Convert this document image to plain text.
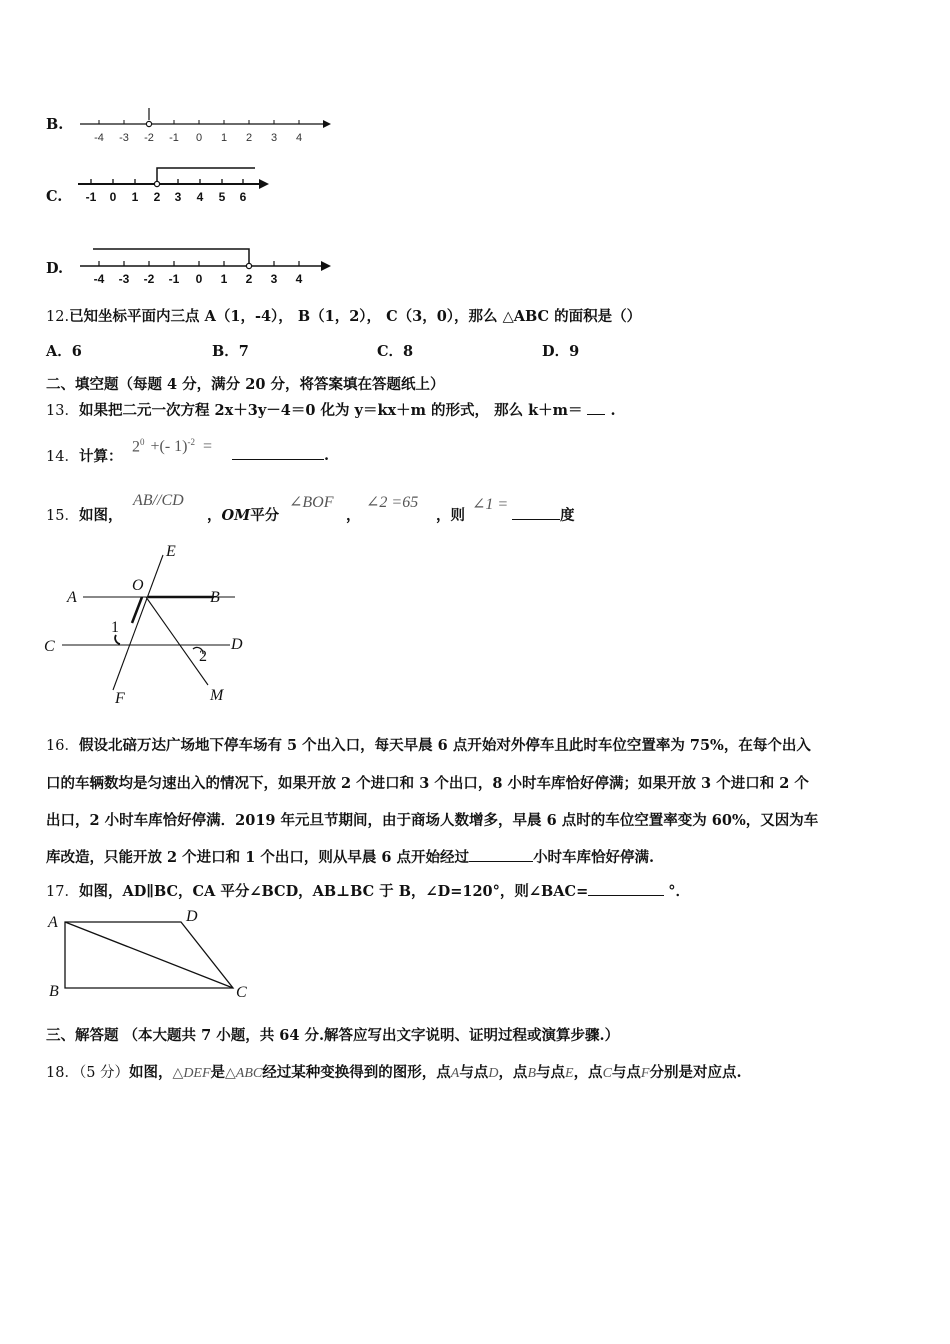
B.
-4 -3 -2 -1 0 1 2 3 4
C. -1 0 1 2 3 4 5 6
D.
-4 -3 -2 -1 0 1 2 3 4
12.已知坐标平面内三点 A（1，-4）， B（1，2）， C（3，0），那么 △ABC 的面积是（）
A．6	B．7	C．8	D．9
二、填空题（每题 4 分，满分 20 分，将答案填在答题纸上）
13．如果把二元一次方程 2x＋3y－4＝0 化为 y＝kx＋m 的形式， 那么 k＋m＝ .
14．计算：
$2^0$ +(- 1)$^{-2}$ =
.
15．如图，
AB//CD
，OM平分
∠BOF
，
∠2 =65
，则
∠1 =
度
E
O
A	B
1
C	D
2
F	M
16．假设北碚万达广场地下停车场有 5 个出入口，每天早晨 6 点开始对外停车且此时车位空置率为 75%，在每个出入
口的车辆数均是匀速出入的情况下，如果开放 2 个进口和 3 个出口，8 小时车库恰好停满；如果开放 3 个进口和 2 个
出口，2 小时车库恰好停满．2019 年元旦节期间，由于商场人数增多，早晨 6 点时的车位空置率变为 60%，又因为车
库改造，只能开放 2 个进口和 1 个出口，则从早晨 6 点开始经过	小时车库恰好停满.
17．如图，AD∥BC，CA 平分∠BCD，AB⊥BC 于 B，∠D=120°，则∠BAC=	°．
A	D
B	C
三、解答题 （本大题共 7 小题，共 64 分.解答应写出文字说明、证明过程或演算步骤.）
18．（5 分）如图，△DEF是△ABC经过某种变换得到的图形，点A与点D，点B与点E，点C与点F分别是对应点.
